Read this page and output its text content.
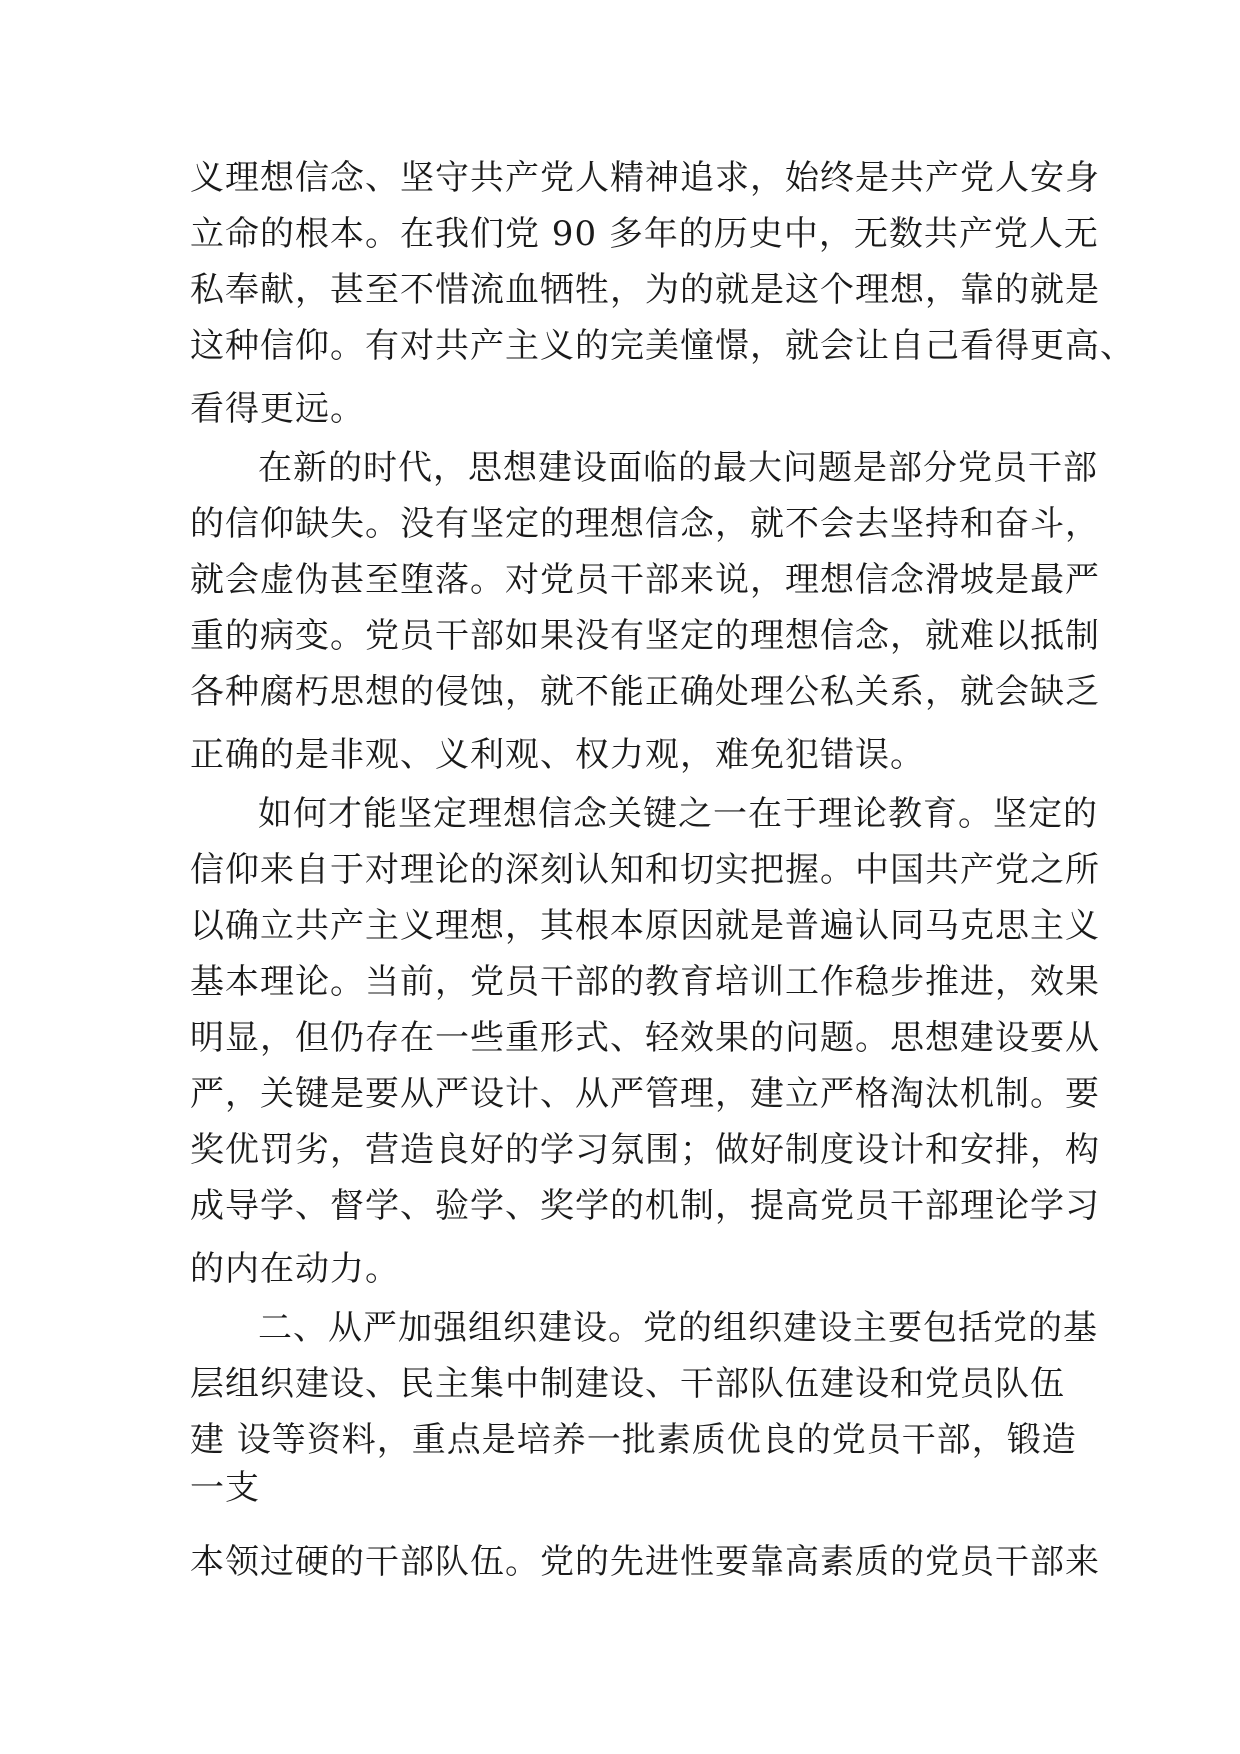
义理想信念、坚守共产党人精神追求，始终是共产党人安身

立命的根本。在我们党 90 多年的历史中，无数共产党人无

私奉献，甚至不惜流血牺牲，为的就是这个理想，靠的就是

这种信仰。有对共产主义的完美憧憬，就会让自己看得更高、

看得更远。

在新的时代，思想建设面临的最大问题是部分党员干部

的信仰缺失。没有坚定的理想信念，就不会去坚持和奋斗，

就会虚伪甚至堕落。对党员干部来说，理想信念滑坡是最严

重的病变。党员干部如果没有坚定的理想信念，就难以抵制

各种腐朽思想的侵蚀，就不能正确处理公私关系，就会缺乏

正确的是非观、义利观、权力观，难免犯错误。

如何才能坚定理想信念关键之一在于理论教育。坚定的

信仰来自于对理论的深刻认知和切实把握。中国共产党之所

以确立共产主义理想，其根本原因就是普遍认同马克思主义

基本理论。当前，党员干部的教育培训工作稳步推进，效果

明显，但仍存在一些重形式、轻效果的问题。思想建设要从

严，关键是要从严设计、从严管理，建立严格淘汰机制。要

奖优罚劣，营造良好的学习氛围；做好制度设计和安排，构

成导学、督学、验学、奖学的机制，提高党员干部理论学习

的内在动力。

二、从严加强组织建设。党的组织建设主要包括党的基

层组织建设、民主集中制建设、干部队伍建设和党员队伍

建 设等资料，重点是培养一批素质优良的党员干部，锻造

一支

本领过硬的干部队伍。党的先进性要靠高素质的党员干部来
